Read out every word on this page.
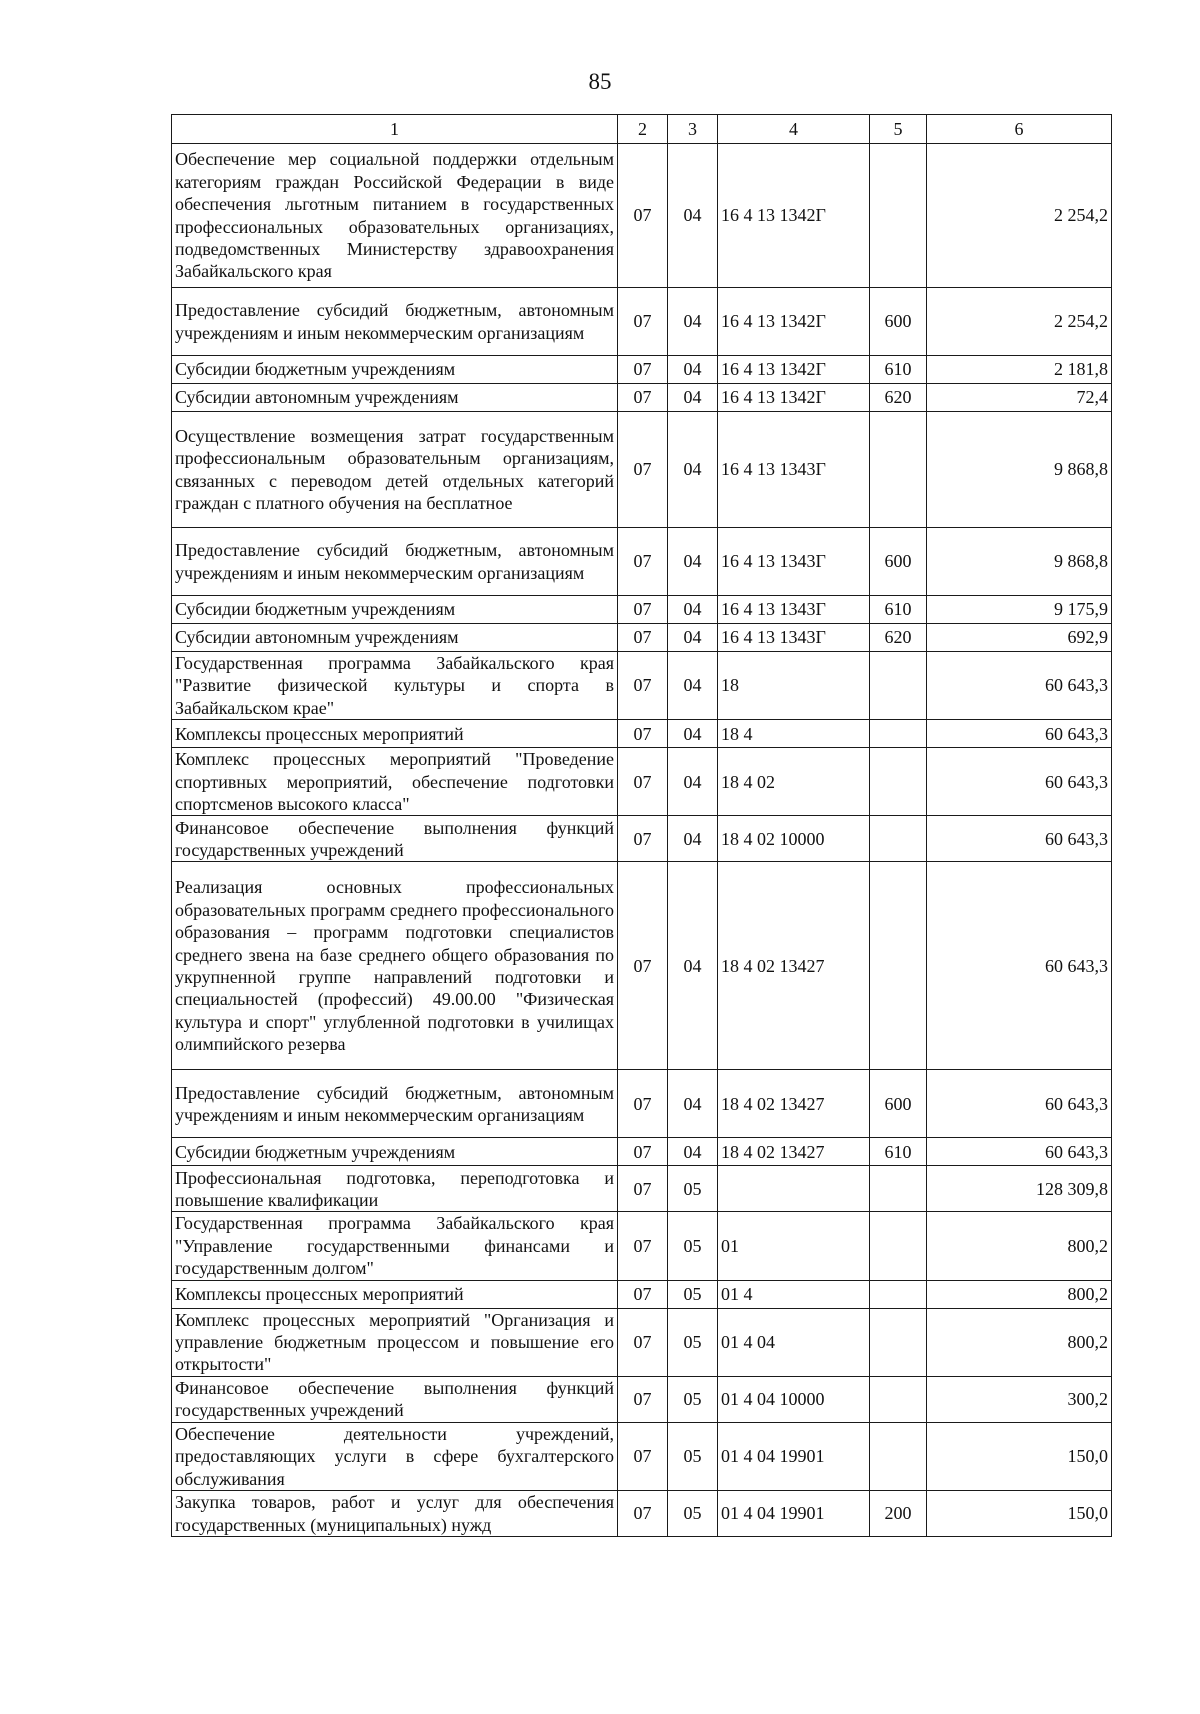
85
1	2	3	4	5	6
Обеспечение мер социальной поддержки отдельным категориям граждан Российской Федерации в виде обеспечения льготным питанием в государственных профессиональных образовательных организациях, подведомственных Министерству здравоохранения Забайкальского края	07	04	16 4 13 1342Г		2 254,2
Предоставление субсидий бюджетным, автономным учреждениям и иным некоммерческим организациям	07	04	16 4 13 1342Г	600	2 254,2
Субсидии бюджетным учреждениям	07	04	16 4 13 1342Г	610	2 181,8
Субсидии автономным учреждениям	07	04	16 4 13 1342Г	620	72,4
Осуществление возмещения затрат государственным профессиональным образовательным организациям, связанных с переводом детей отдельных категорий граждан с платного обучения на бесплатное	07	04	16 4 13 1343Г		9 868,8
Предоставление субсидий бюджетным, автономным учреждениям и иным некоммерческим организациям	07	04	16 4 13 1343Г	600	9 868,8
Субсидии бюджетным учреждениям	07	04	16 4 13 1343Г	610	9 175,9
Субсидии автономным учреждениям	07	04	16 4 13 1343Г	620	692,9
Государственная программа Забайкальского края "Развитие физической культуры и спорта в Забайкальском крае"	07	04	18		60 643,3
Комплексы процессных мероприятий	07	04	18 4		60 643,3
Комплекс процессных мероприятий "Проведение спортивных мероприятий, обеспечение подготовки спортсменов высокого класса"	07	04	18 4 02		60 643,3
Финансовое обеспечение выполнения функций государственных учреждений	07	04	18 4 02 10000		60 643,3
Реализация основных профессиональных образовательных программ среднего профессионального образования – программ подготовки специалистов среднего звена на базе среднего общего образования по укрупненной группе направлений подготовки и специальностей (профессий) 49.00.00 "Физическая культура и спорт" углубленной подготовки в училищах олимпийского резерва	07	04	18 4 02 13427		60 643,3
Предоставление субсидий бюджетным, автономным учреждениям и иным некоммерческим организациям	07	04	18 4 02 13427	600	60 643,3
Субсидии бюджетным учреждениям	07	04	18 4 02 13427	610	60 643,3
Профессиональная подготовка, переподготовка и повышение квалификации	07	05			128 309,8
Государственная программа Забайкальского края "Управление государственными финансами и государственным долгом"	07	05	01		800,2
Комплексы процессных мероприятий	07	05	01 4		800,2
Комплекс процессных мероприятий "Организация и управление бюджетным процессом и повышение его открытости"	07	05	01 4 04		800,2
Финансовое обеспечение выполнения функций государственных учреждений	07	05	01 4 04 10000		300,2
Обеспечение деятельности учреждений, предоставляющих услуги в сфере бухгалтерского обслуживания	07	05	01 4 04 19901		150,0
Закупка товаров, работ и услуг для обеспечения государственных (муниципальных) нужд	07	05	01 4 04 19901	200	150,0
